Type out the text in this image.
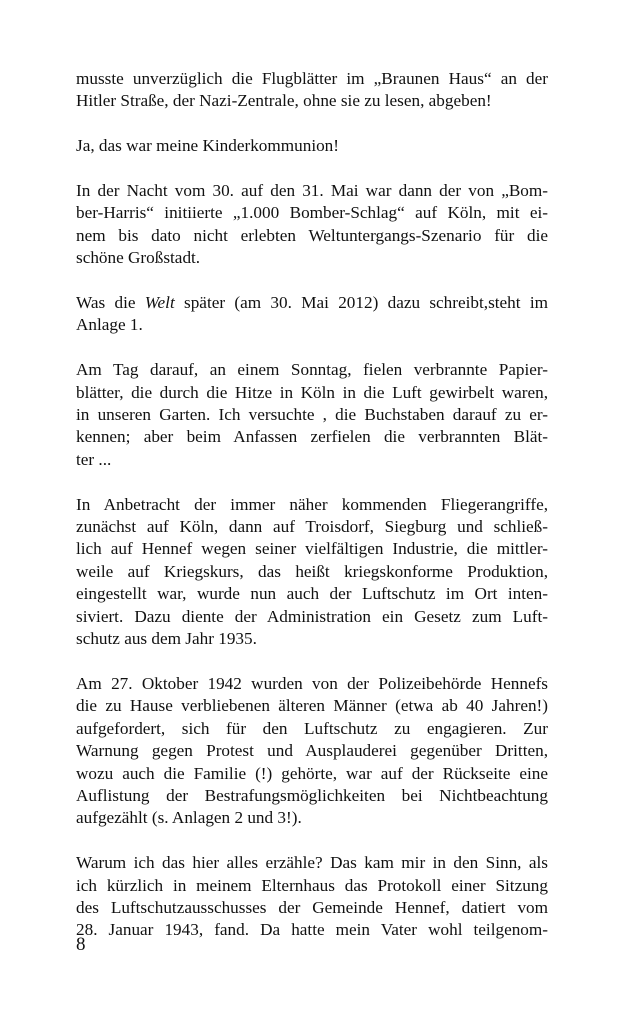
musste unverzüglich die Flugblätter im „Braunen Haus“ an der
Hitler Straße, der Nazi-Zentrale, ohne sie zu lesen, abgeben!

Ja, das war meine Kinderkommunion!

In der Nacht vom 30. auf den 31. Mai war dann der von „Bom-
ber-Harris“ initiierte „1.000 Bomber-Schlag“ auf Köln, mit ei-
nem bis dato nicht erlebten Weltuntergangs-Szenario für die
schöne Großstadt.

Was die Welt später (am 30. Mai 2012) dazu schreibt,steht im
Anlage 1.

Am Tag darauf, an einem Sonntag, fielen verbrannte Papier-
blätter, die durch die Hitze in Köln in die Luft gewirbelt waren,
in unseren Garten. Ich versuchte , die Buchstaben darauf zu er-
kennen; aber beim Anfassen zerfielen die verbrannten Blät-
ter ...

In Anbetracht der immer näher kommenden Fliegerangriffe,
zunächst auf Köln, dann auf Troisdorf, Siegburg und schließ-
lich auf Hennef wegen seiner vielfältigen Industrie, die mittler-
weile auf Kriegskurs, das heißt kriegskonforme Produktion,
eingestellt war, wurde nun auch der Luftschutz im Ort inten-
siviert. Dazu diente der Administration ein Gesetz zum Luft-
schutz aus dem Jahr 1935.

Am 27. Oktober 1942 wurden von der Polizeibehörde Hennefs
die zu Hause verbliebenen älteren Männer (etwa ab 40 Jahren!)
aufgefordert, sich für den Luftschutz zu engagieren. Zur
Warnung gegen Protest und Ausplauderei gegenüber Dritten,
wozu auch die Familie (!) gehörte, war auf der Rückseite eine
Auflistung der Bestrafungsmöglichkeiten bei Nichtbeachtung
aufgezählt (s. Anlagen 2 und 3!).

Warum ich das hier alles erzähle? Das kam mir in den Sinn, als
ich kürzlich in meinem Elternhaus das Protokoll einer Sitzung
des Luftschutzausschusses der Gemeinde Hennef, datiert vom
28. Januar 1943, fand. Da hatte mein Vater wohl teilgenom-

8
